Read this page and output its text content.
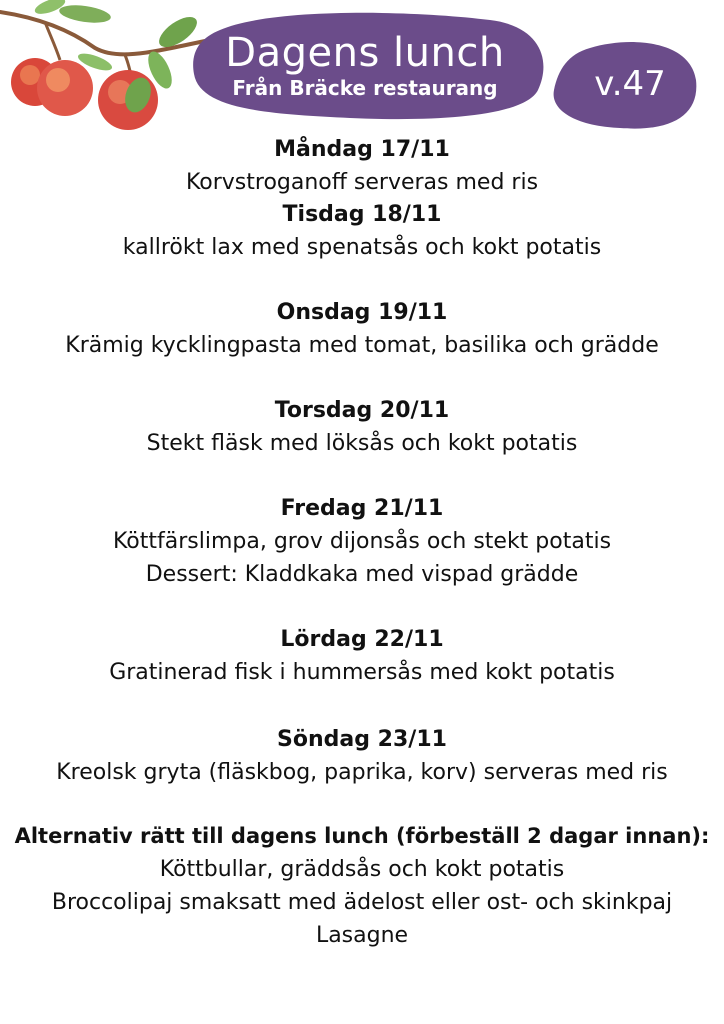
Dagens lunch
Från Bräcke restaurang	v.47
Måndag 17/11
Korvstroganoff serveras med ris
Tisdag 18/11
kallrökt lax med spenatsås och kokt potatis
Onsdag 19/11
Krämig kycklingpasta med tomat, basilika och grädde
Torsdag 20/11
Stekt fläsk med löksås och kokt potatis
Fredag 21/11
Köttfärslimpa, grov dijonsås och stekt potatis
Dessert: Kladdkaka med vispad grädde
Lördag 22/11
Gratinerad fisk i hummersås med kokt potatis
Söndag 23/11
Kreolsk gryta (fläskbog, paprika, korv) serveras med ris
Alternativ rätt till dagens lunch (förbeställ 2 dagar innan):
Köttbullar, gräddsås och kokt potatis
Broccolipaj smaksatt med ädelost eller ost- och skinkpaj
Lasagne
